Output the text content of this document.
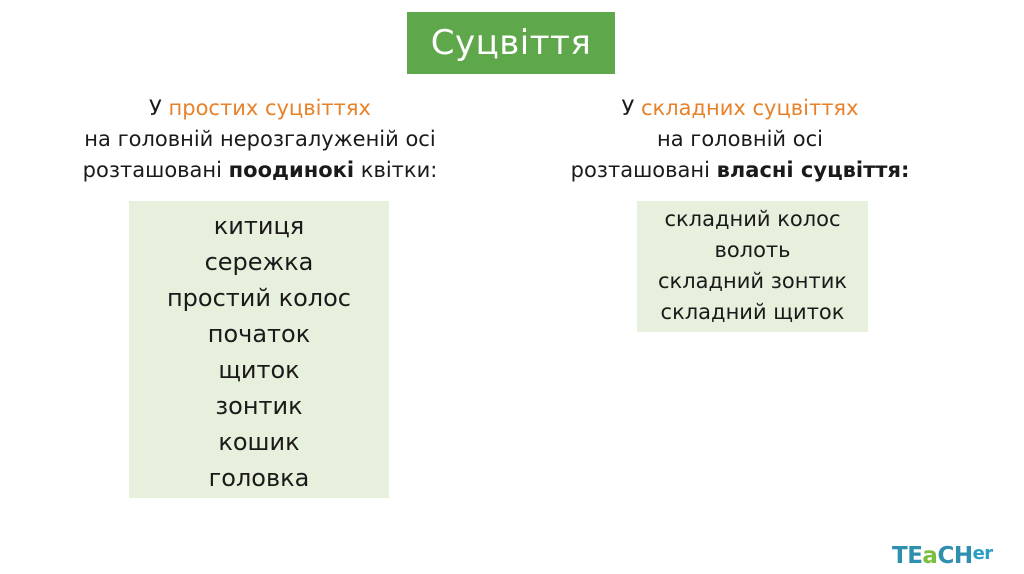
Суцвіття
У простих суцвіттях
на головній нерозгалуженій осі
розташовані поодинокі квітки:
У складних суцвіттях
на головній осі
розташовані власні суцвіття:
китиця
сережка
простий колос
початок
щиток
зонтик
кошик
головка
складний колос
волоть
складний зонтик
складний щиток
TEaCHer
